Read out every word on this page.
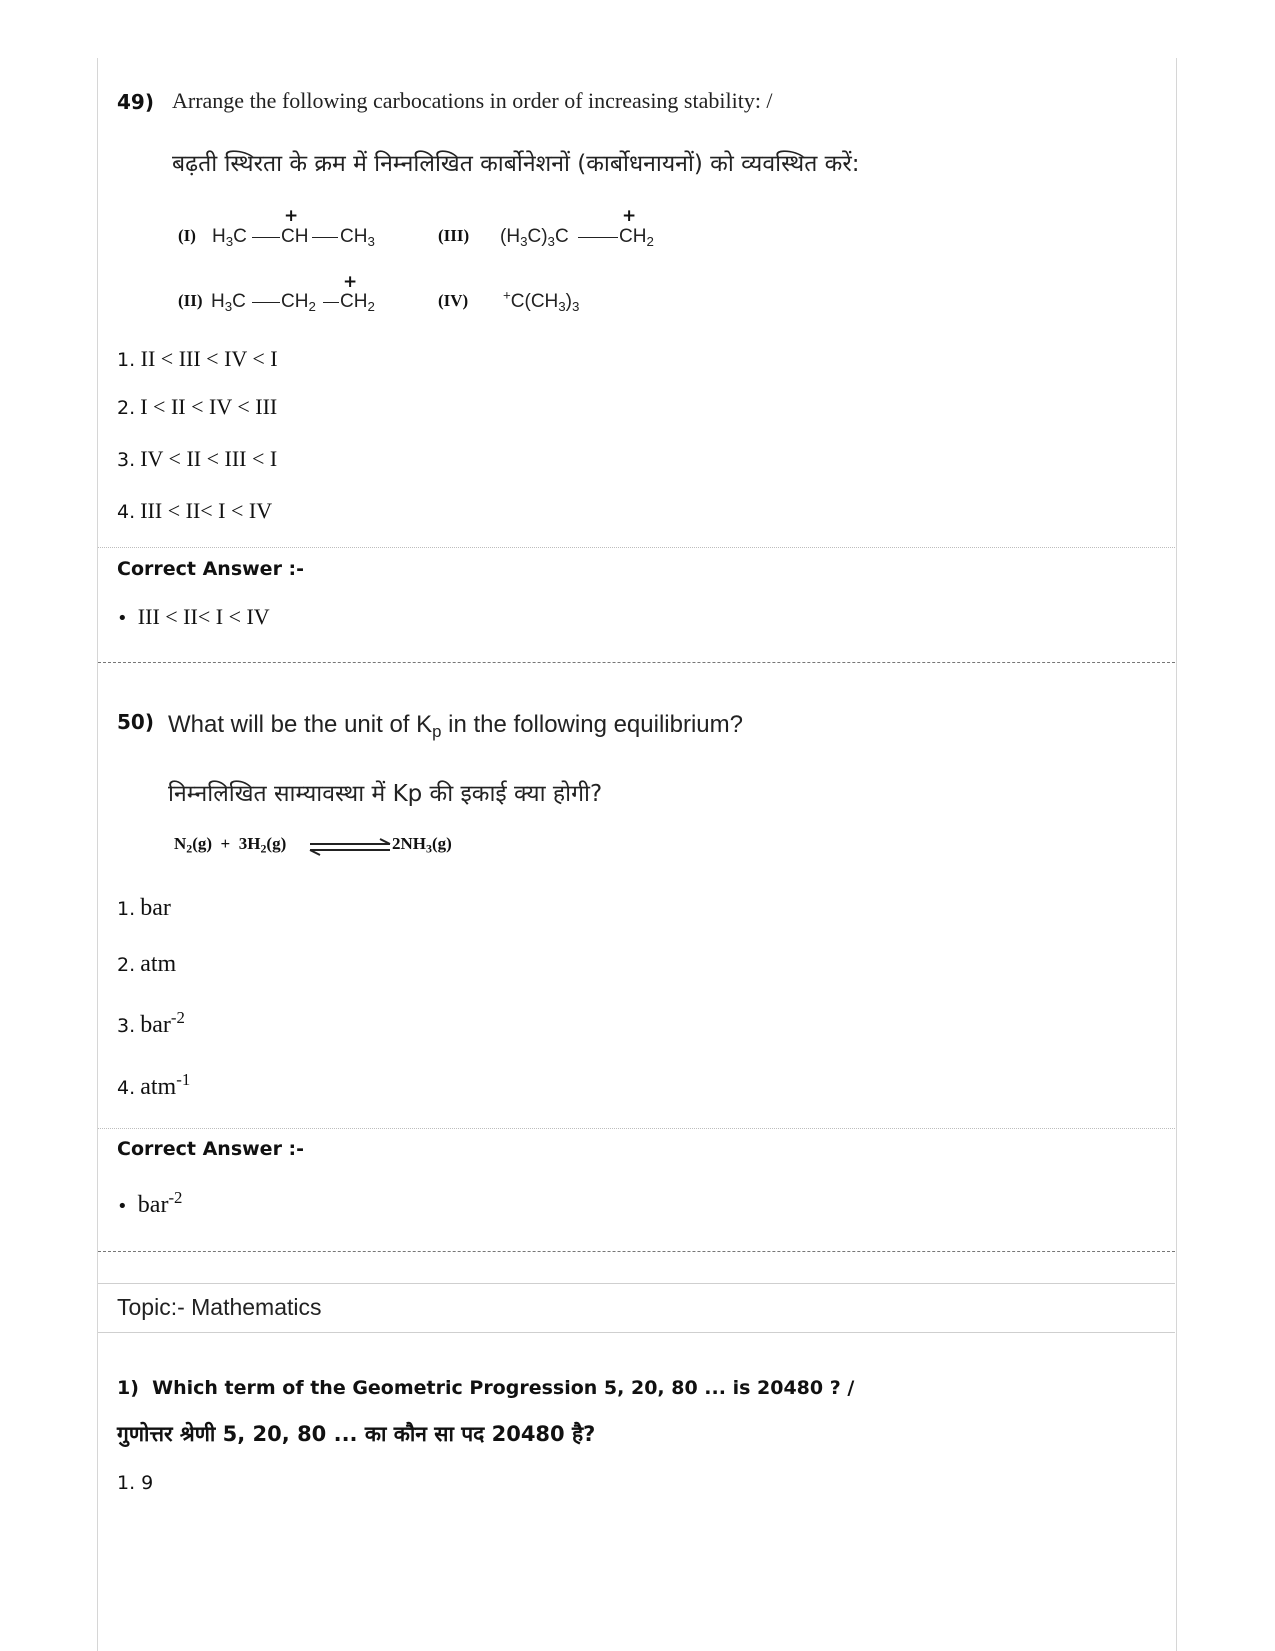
49) Arrange the following carbocations in order of increasing stability: /
बढ़ती स्थिरता के क्रम में निम्नलिखित कार्बोनेशनों (कार्बोधनायनों) को व्यवस्थित करें:
(I) $H_3C$ CH
+
$CH_3$	(III) $(H_3C)_3C$	$CH_2$
+
(II) $H_3C$ $CH_2$ $CH_2$
+
(IV)	$^+C(CH_3)_3$
1. II < III < IV < I
2. I < II < IV < III
3. IV < II < III < I
4. III < II< I < IV
Correct Answer :-
• III < II< I < IV
50) What will be the unit of $K_p$ in the following equilibrium?
निम्नलिखित साम्यावस्था में Kp की इकाई क्या होगी?
$N_2(g) + 3H_2(g)$	$2NH_3(g)$
1. bar
2. atm
3. bar$^{-2}$
4. atm$^{-1}$
Correct Answer :-
• bar$^{-2}$
Topic:- Mathematics
1)  Which term of the Geometric Progression 5, 20, 80 ... is 20480 ? /
गुणोत्तर श्रेणी 5, 20, 80 ... का कौन सा पद 20480 है?
1. 9
